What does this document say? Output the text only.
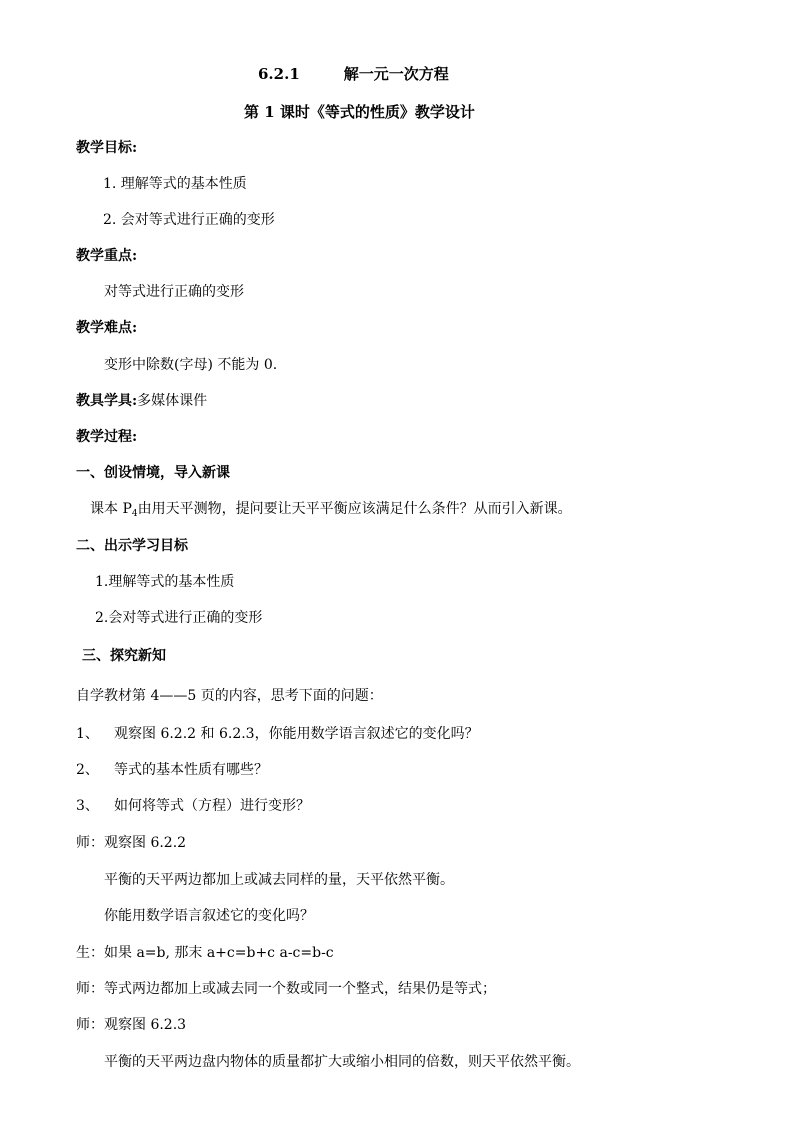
6.2.1	解一元一次方程
第 1 课时《等式的性质》教学设计
教学目标:
1. 理解等式的基本性质
2. 会对等式进行正确的变形
教学重点:
对等式进行正确的变形
教学难点:
变形中除数(字母) 不能为 0.
教具学具:多媒体课件
教学过程:
一、创设情境，导入新课
课本 $P_4$由用天平测物，提问要让天平平衡应该满足什么条件？从而引入新课。
二、出示学习目标
1.理解等式的基本性质
2.会对等式进行正确的变形
三、探究新知
自学教材第 4——5 页的内容，思考下面的问题：
1、 观察图 6.2.2 和 6.2.3，你能用数学语言叙述它的变化吗？
2、 等式的基本性质有哪些？
3、 如何将等式（方程）进行变形？
师：观察图 6.2.2
平衡的天平两边都加上或减去同样的量，天平依然平衡。
你能用数学语言叙述它的变化吗？
生：如果 a=b, 那末 a+c=b+c a-c=b-c
师：等式两边都加上或减去同一个数或同一个整式，结果仍是等式；
师：观察图 6.2.3
平衡的天平两边盘内物体的质量都扩大或缩小相同的倍数，则天平依然平衡。
